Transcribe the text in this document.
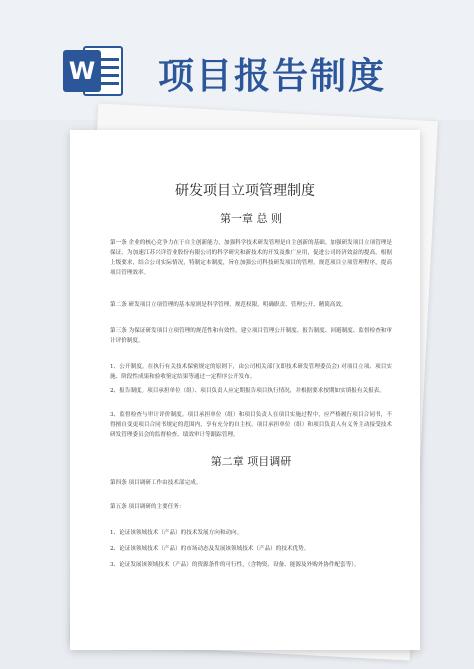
W 项目报告制度
研发项目立项管理制度
第一章 总 则
第一条 企业的核心竞争力在于自主创新能力，加强科学技术研发管理是自主创新的基础。加强研发项目立项管理是保证，为加速江苏兴详管业股份有限公司的科学研究和新技术的开发及推广应用，促进公司经济效益的提高，根据上级要求，结合公司实际情况，特制定本制度，旨在加强公司科技研发项目的管理，规范项目立项管理程序，提高项目管理效率。
第二条 研发项目立项管理的基本原则是科学管理、规范权限、明确职责、管理公开、精简高效。
第三条 为保证研发项目立项管理的规范性和有效性，建立项目管理公开制度、报告制度、回避制度、监督检查和审计评价制度。
1、公开制度。在执行有关技术保密规定的原则下，由公司相关部门(即技术研发管理委员会) 对项目立项、项目实施、阶段性成果和验收鉴定结果等通过一定程序公开发布。
2、报告制度。项目承担单位（组）、项目负责人应定期报告项目执行情况，并根据要求按期如实填报有关报表。
3、监督检查与审计评价制度。项目承担单位（组）和项目负责人在项目实施过程中，应严格履行项目合同书，不得擅自变更项目合同书规定的范围内，享有充分的自主权。项目承担单位（组）和项目负责人有义务主动接受技术研发管理委员会的监督检查、绩效审计等跟踪管理。
第二章 项目调研
第四条 项目调研工作由技术部完成。
第五条 项目调研的主要任务：
1、论证该领域技术（产品）的技术发展方向和动向。
2、论证该领域技术（产品）的市场动态及发展该领域技术（产品）的技术优势。
3、论证发展该领域技术（产品）的资源条件的可行性，（含物资、设备、能源及外购外协件配套等）。
